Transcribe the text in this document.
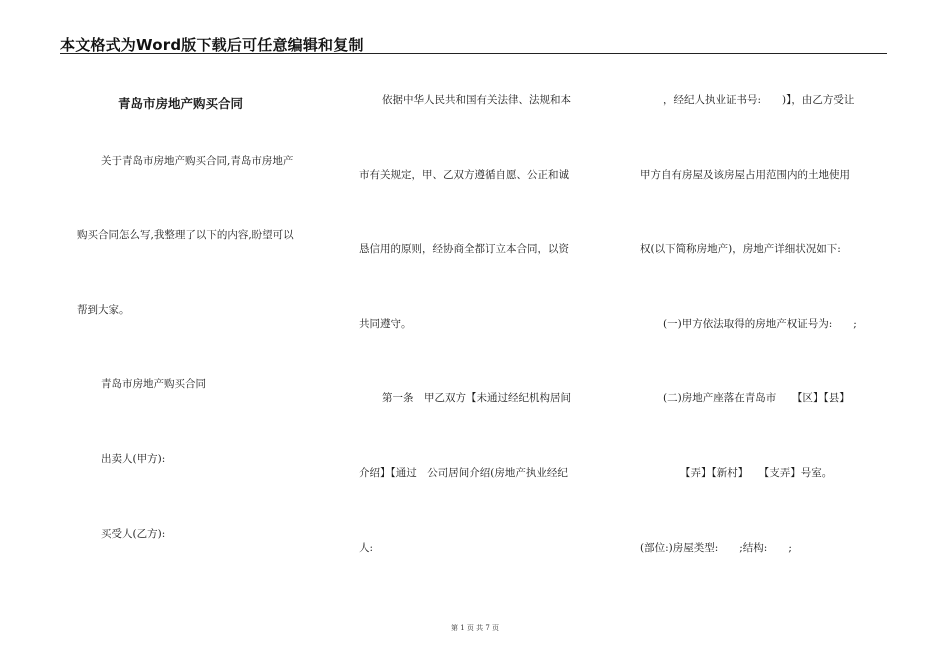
本文格式为Word版下载后可任意编辑和复制
青岛市房地产购买合同
关于青岛市房地产购买合同,青岛市房地产
购买合同怎么写,我整理了以下的内容,盼望可以
帮到大家。
青岛市房地产购买合同
出卖人(甲方):
买受人(乙方):
依据中华人民共和国有关法律、法规和本
市有关规定，甲、乙双方遵循自愿、公正和诚
恳信用的原则，经协商全都订立本合同，以资
共同遵守。
第一条　甲乙双方【未通过经纪机构居间
介绍】【通过　公司居间介绍(房地产执业经纪
人:
，经纪人执业证书号:　　)】，由乙方受让
甲方自有房屋及该房屋占用范围内的土地使用
权(以下简称房地产)，房地产详细状况如下:
(一)甲方依法取得的房地产权证号为:　　;
(二)房地产座落在青岛市　　【区】【县】
【弄】【新村】　　【支弄】号室。
(部位:)房屋类型:　　;结构:　　;
第 1 页 共 7 页
